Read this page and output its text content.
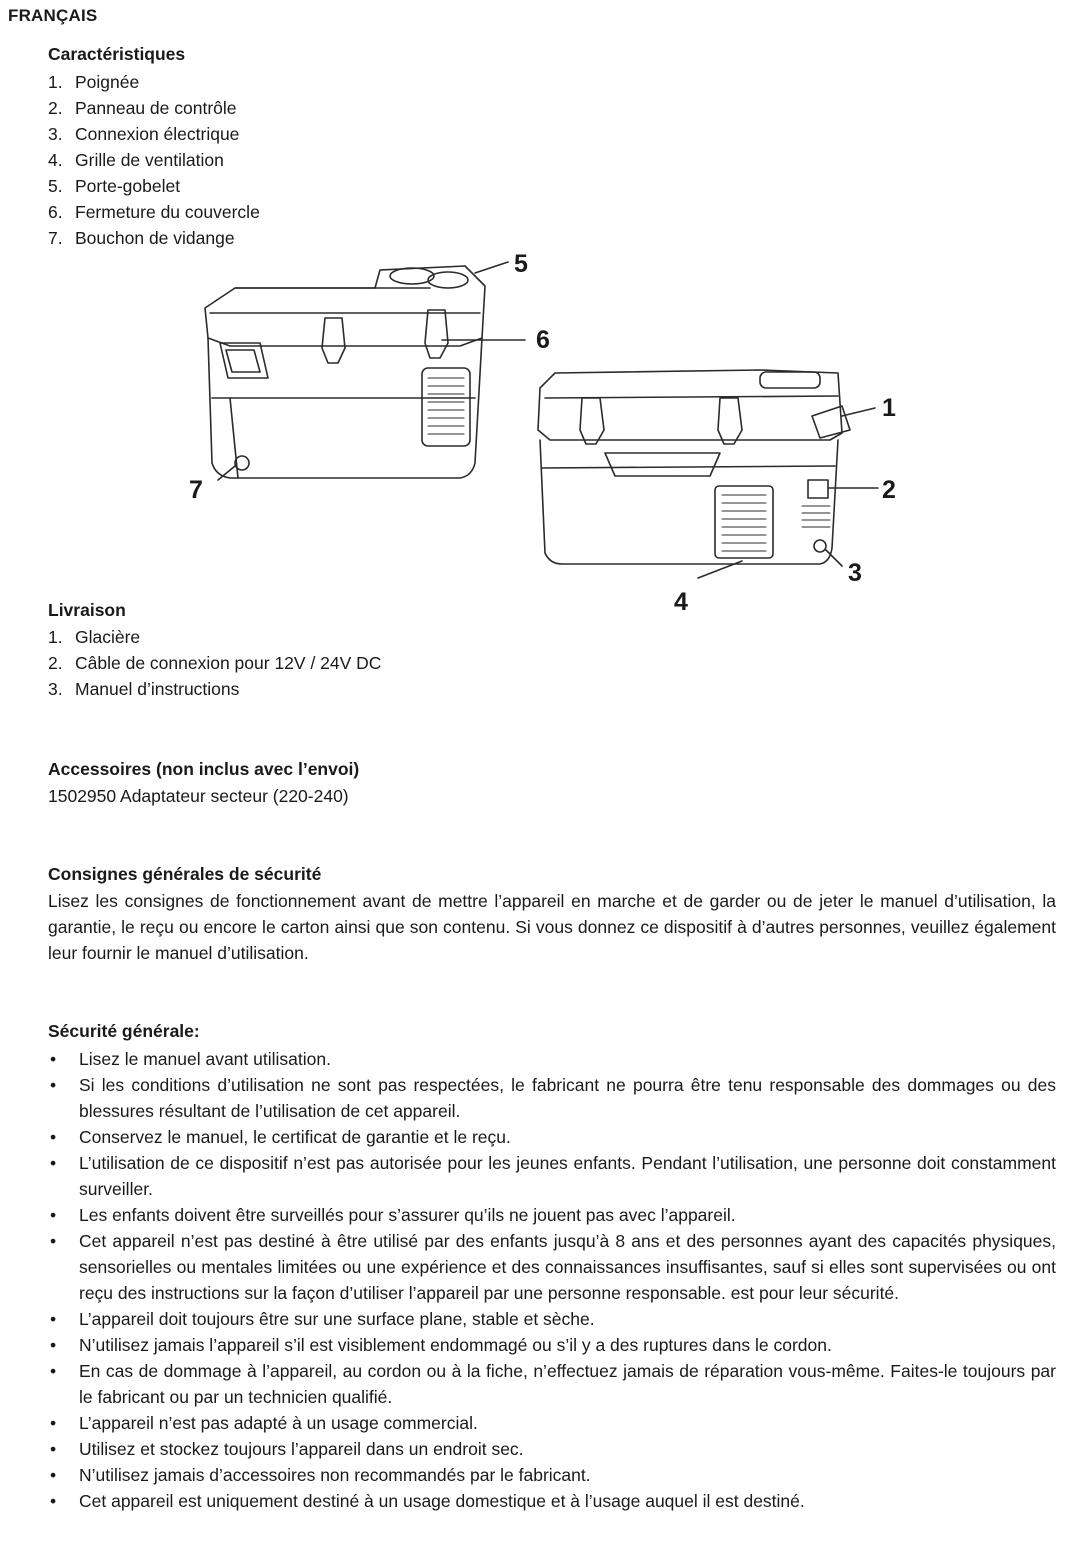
FRANÇAIS
Caractéristiques
1. Poignée
2. Panneau de contrôle
3. Connexion électrique
4. Grille de ventilation
5. Porte-gobelet
6. Fermeture du couvercle
7. Bouchon de vidange
5
6
7
1
2
3
4
Livraison
1. Glacière
2. Câble de connexion pour 12V / 24V DC
3. Manuel d’instructions
Accessoires (non inclus avec l’envoi)
1502950 Adaptateur secteur (220-240)
Consignes générales de sécurité
Lisez les consignes de fonctionnement avant de mettre l’appareil en marche et de garder ou de jeter le manuel d’utilisation, la garantie, le reçu ou encore le carton ainsi que son contenu. Si vous donnez ce dispositif à d’autres personnes, veuillez également leur fournir le manuel d’utilisation.
Sécurité générale:
• Lisez le manuel avant utilisation.
• Si les conditions d’utilisation ne sont pas respectées, le fabricant ne pourra être tenu responsable des dommages ou des blessures résultant de l’utilisation de cet appareil.
• Conservez le manuel, le certificat de garantie et le reçu.
• L’utilisation de ce dispositif n’est pas autorisée pour les jeunes enfants. Pendant l’utilisation, une personne doit constamment surveiller.
• Les enfants doivent être surveillés pour s’assurer qu’ils ne jouent pas avec l’appareil.
• Cet appareil n’est pas destiné à être utilisé par des enfants jusqu’à 8 ans et des personnes ayant des capacités physiques, sensorielles ou mentales limitées ou une expérience et des connaissances insuffisantes, sauf si elles sont supervisées ou ont reçu des instructions sur la façon d’utiliser l’appareil par une personne responsable. est pour leur sécurité.
• L’appareil doit toujours être sur une surface plane, stable et sèche.
• N’utilisez jamais l’appareil s’il est visiblement endommagé ou s’il y a des ruptures dans le cordon.
• En cas de dommage à l’appareil, au cordon ou à la fiche, n’effectuez jamais de réparation vous-même. Faites-le toujours par le fabricant ou par un technicien qualifié.
• L’appareil n’est pas adapté à un usage commercial.
• Utilisez et stockez toujours l’appareil dans un endroit sec.
• N’utilisez jamais d’accessoires non recommandés par le fabricant.
• Cet appareil est uniquement destiné à un usage domestique et à l’usage auquel il est destiné.
